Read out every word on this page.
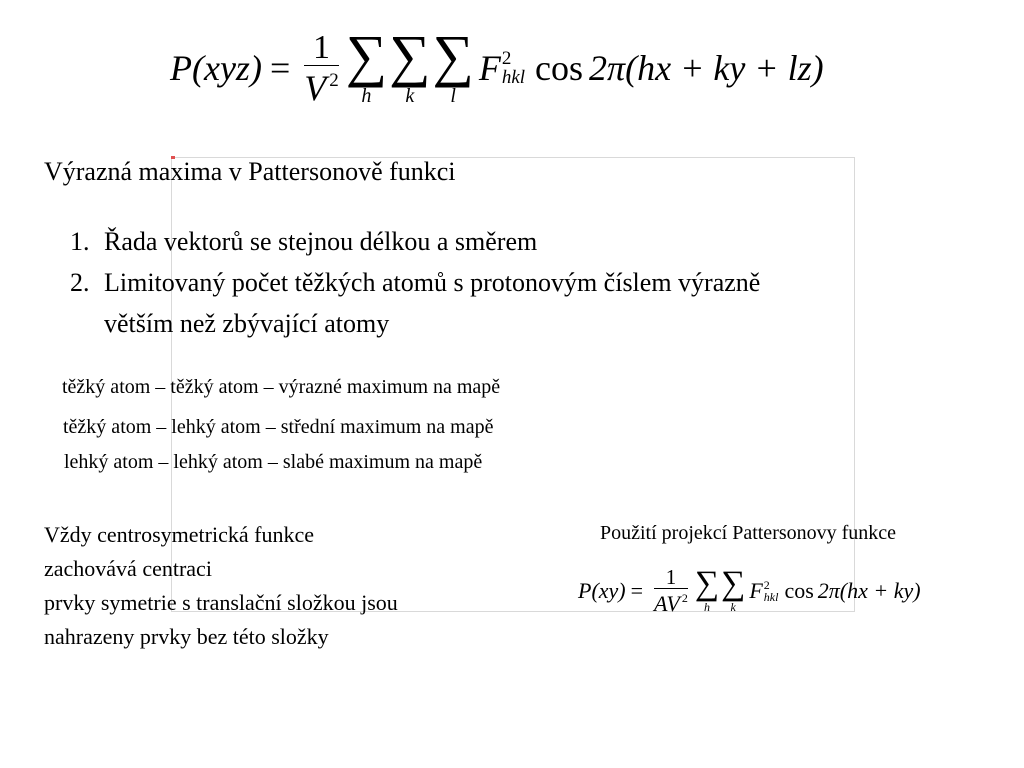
$P(xyz) = \frac{1}{V ^2}$ ∑
h
∑
k
∑
l
F 2
hkl cos 2π(hx + ky + lz)
Výrazná maxima v Pattersonově funkci
1. Řada vektorů se stejnou délkou a směrem
2. Limitovaný počet těžkých atomů s protonovým číslem výrazně
větším než zbývající atomy
těžký atom – těžký atom – výrazné maximum na mapě
těžký atom – lehký atom – střední maximum na mapě
lehký atom – lehký atom – slabé maximum na mapě
Vždy centrosymetrická funkce
zachovává centraci
prvky symetrie s translační složkou jsou
nahrazeny prvky bez této složky
Použití projekcí Pattersonovy funkce
$P(xy) = \frac{1}{AV ^2}$ ∑
h
∑
k
F 2
hkl cos 2π(hx + ky)
